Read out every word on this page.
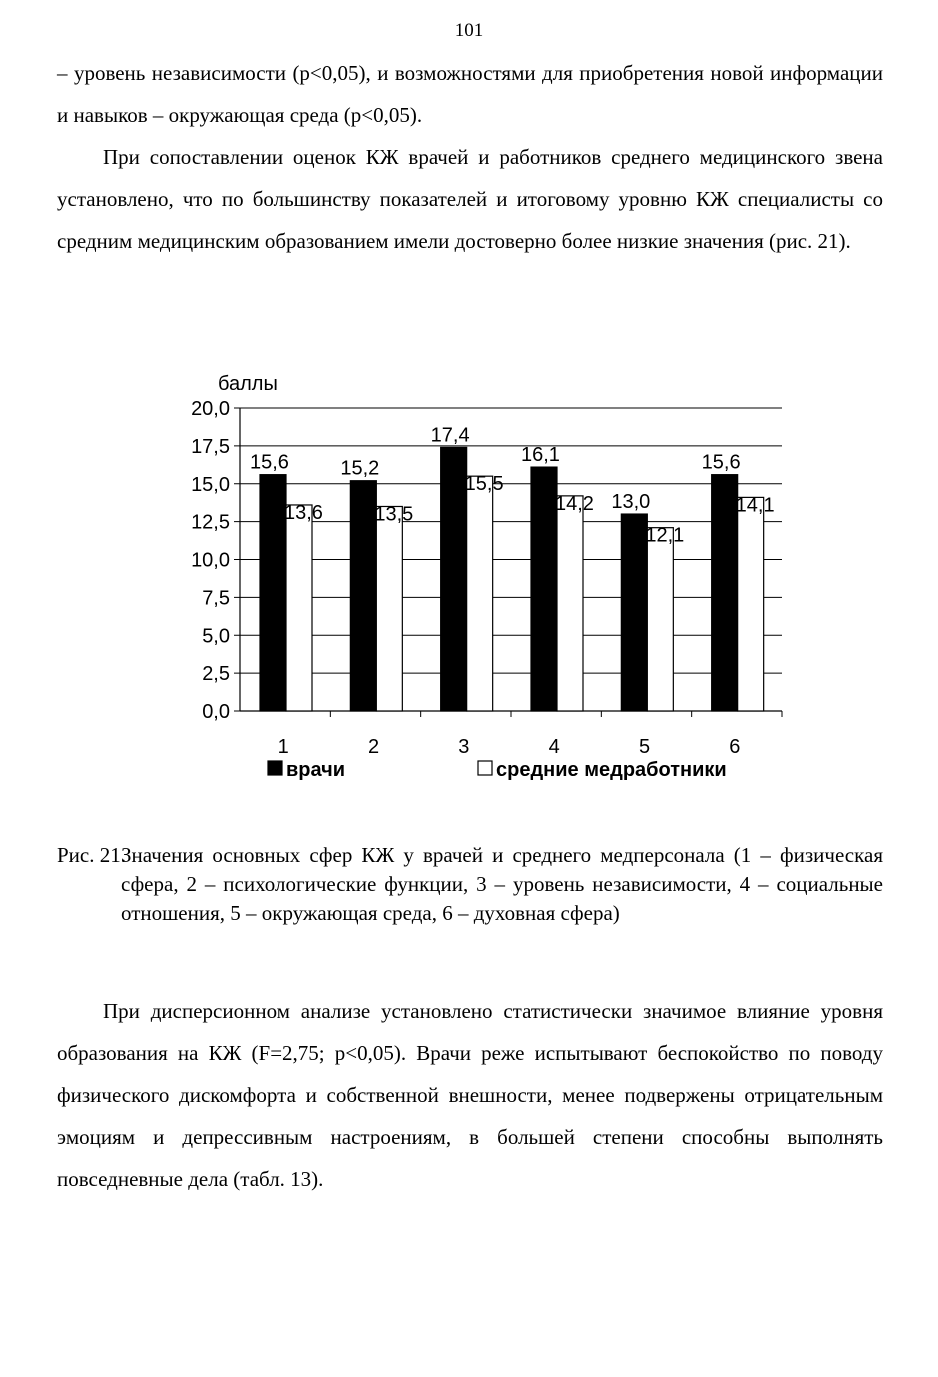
101

– уровень независимости (p<0,05), и возможностями для приобретения новой информации и навыков – окружающая среда (p<0,05).

При сопоставлении оценок КЖ врачей и работников среднего медицинского звена установлено, что по большинству показателей и итоговому уровню КЖ специалисты со средним медицинским образованием имели достоверно более низкие значения (рис. 21).

баллы
0,0
2,5
5,0
7,5
10,0
12,5
15,0
17,5
20,0
15,6
13,6
1
15,2
13,5
2
17,4
15,5
3
16,1
14,2
4
13,0
12,1
5
15,6
14,1
6
врачи	средние медработники
Рис. 21.
Значения основных сфер КЖ у врачей и среднего медперсонала (1 – физическая сфера, 2 – психологические функции, 3 – уровень независимости, 4 – социальные отношения, 5 – окружающая среда, 6 – духовная сфера)

При дисперсионном анализе установлено статистически значимое влияние уровня образования на КЖ (F=2,75; p<0,05). Врачи реже испытывают беспокойство по поводу физического дискомфорта и собственной внешности, менее подвержены отрицательным эмоциям и депрессивным настроениям, в большей степени способны выполнять повседневные дела (табл. 13).
